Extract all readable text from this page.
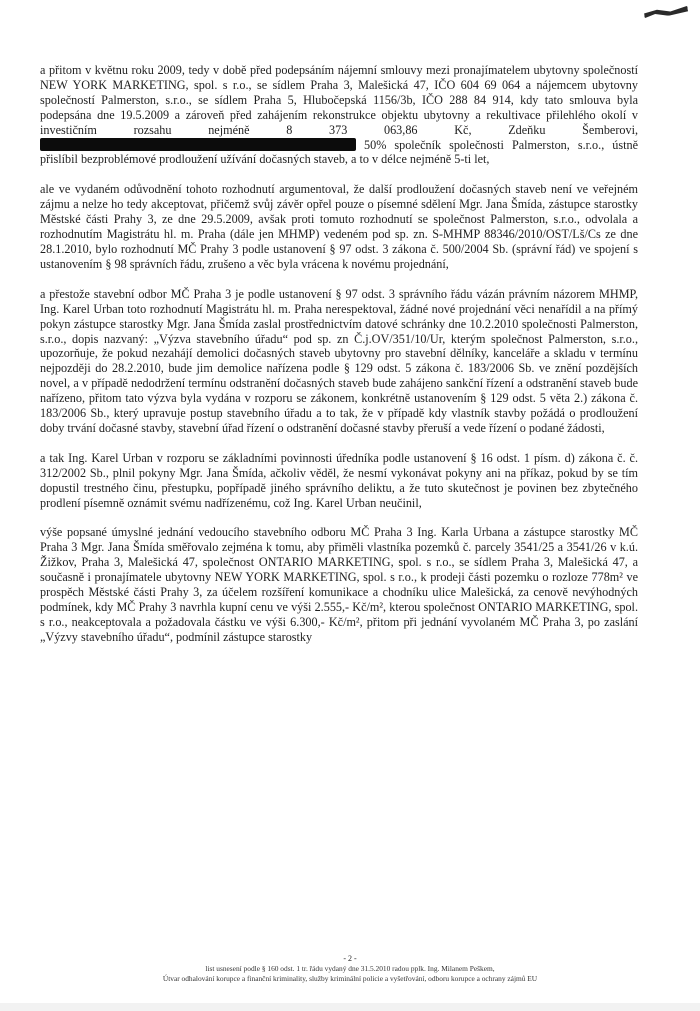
a přitom v květnu roku 2009, tedy v době před podepsáním nájemní smlouvy mezi pronajímatelem ubytovny společností NEW YORK MARKETING, spol. s r.o., se sídlem Praha 3, Malešická 47, IČO 604 69 064 a nájemcem ubytovny společností Palmerston, s.r.o., se sídlem Praha 5, Hlubočepská 1156/3b, IČO 288 84 914, kdy tato smlouva byla podepsána dne 19.5.2009 a zároveň před zahájením rekonstrukce objektu ubytovny a rekultivace přilehlého okolí v investičním rozsahu nejméně 8 373 063,86 Kč, Zdeňku Šemberovi,  50% společník společnosti Palmerston, s.r.o., ústně přislíbil bezproblémové prodloužení užívání dočasných staveb, a to v délce nejméně 5-ti let,

ale ve vydaném odůvodnění tohoto rozhodnutí argumentoval, že další prodloužení dočasných staveb není ve veřejném zájmu a nelze ho tedy akceptovat, přičemž svůj závěr opřel pouze o písemné sdělení Mgr. Jana Šmída, zástupce starostky Městské části Prahy 3, ze dne 29.5.2009, avšak proti tomuto rozhodnutí se společnost Palmerston, s.r.o., odvolala a rozhodnutím Magistrátu hl. m. Praha (dále jen MHMP) vedeném pod sp. zn. S-MHMP 88346/2010/OST/Lš/Cs ze dne 28.1.2010, bylo rozhodnutí MČ Prahy 3 podle ustanovení § 97 odst. 3 zákona č. 500/2004 Sb. (správní řád) ve spojení s ustanovením § 98 správních řádu, zrušeno a věc byla vrácena k novému projednání,

a přestože stavební odbor MČ Praha 3 je podle ustanovení § 97 odst. 3 správního řádu vázán právním názorem MHMP, Ing. Karel Urban toto rozhodnutí Magistrátu hl. m. Praha nerespektoval, žádné nové projednání věci nenařídil a na přímý pokyn zástupce starostky Mgr. Jana Šmída zaslal prostřednictvím datové schránky dne 10.2.2010 společnosti Palmerston, s.r.o., dopis nazvaný: „Výzva stavebního úřadu“ pod sp. zn Č.j.OV/351/10/Ur, kterým společnost Palmerston, s.r.o., upozorňuje, že pokud nezahájí demolici dočasných staveb ubytovny pro stavební dělníky, kanceláře a skladu v termínu nejpozději do 28.2.2010, bude jim demolice nařízena podle § 129 odst. 5 zákona č. 183/2006 Sb. ve znění pozdějších novel, a v případě nedodržení termínu odstranění dočasných staveb bude zahájeno sankční řízení a odstranění staveb bude nařízeno, přitom tato výzva byla vydána v rozporu se zákonem, konkrétně ustanovením § 129 odst. 5 věta 2.) zákona č. 183/2006 Sb., který upravuje postup stavebního úřadu a to tak, že v případě kdy vlastník stavby požádá o prodloužení doby trvání dočasné stavby, stavební úřad řízení o odstranění dočasné stavby přeruší a vede řízení o podané žádosti,

a tak Ing. Karel Urban v rozporu se základními povinnosti úředníka podle ustanovení § 16 odst. 1 písm. d) zákona č. č. 312/2002 Sb., plnil pokyny Mgr. Jana Šmída, ačkoliv věděl, že nesmí vykonávat pokyny ani na příkaz, pokud by se tím dopustil trestného činu, přestupku, popřípadě jiného správního deliktu, a že tuto skutečnost je povinen bez zbytečného prodlení písemně oznámit svému nadřízenému, což Ing. Karel Urban neučinil,

výše popsané úmyslné jednání vedoucího stavebního odboru MČ Praha 3 Ing. Karla Urbana a zástupce starostky MČ Praha 3 Mgr. Jana Šmída směřovalo zejména k tomu, aby přiměli vlastníka pozemků č. parcely 3541/25 a 3541/26 v k.ú. Žižkov, Praha 3, Malešická 47, společnost ONTARIO MARKETING, spol. s r.o., se sídlem Praha 3, Malešická 47, a současně i pronajímatele ubytovny NEW YORK MARKETING, spol. s r.o., k prodeji části pozemku o rozloze 778m² ve prospěch Městské části Prahy 3, za účelem rozšíření komunikace a chodníku ulice Malešická, za cenově nevýhodných podmínek, kdy MČ Prahy 3 navrhla kupní cenu ve výši 2.555,- Kč/m², kterou společnost ONTARIO MARKETING, spol. s r.o., neakceptovala a požadovala částku ve výši 6.300,- Kč/m², přitom při jednání vyvolaném MČ Praha 3, po zaslání „Výzvy stavebního úřadu“, podmínil zástupce starostky

- 2 -
list usnesení podle § 160 odst. 1 tr. řádu vydaný dne 31.5.2010 radou pplk. Ing. Milanem Peškem,
Útvar odhalování korupce a finanční kriminality, služby kriminální policie a vyšetřování, odboru korupce a ochrany zájmů EU
